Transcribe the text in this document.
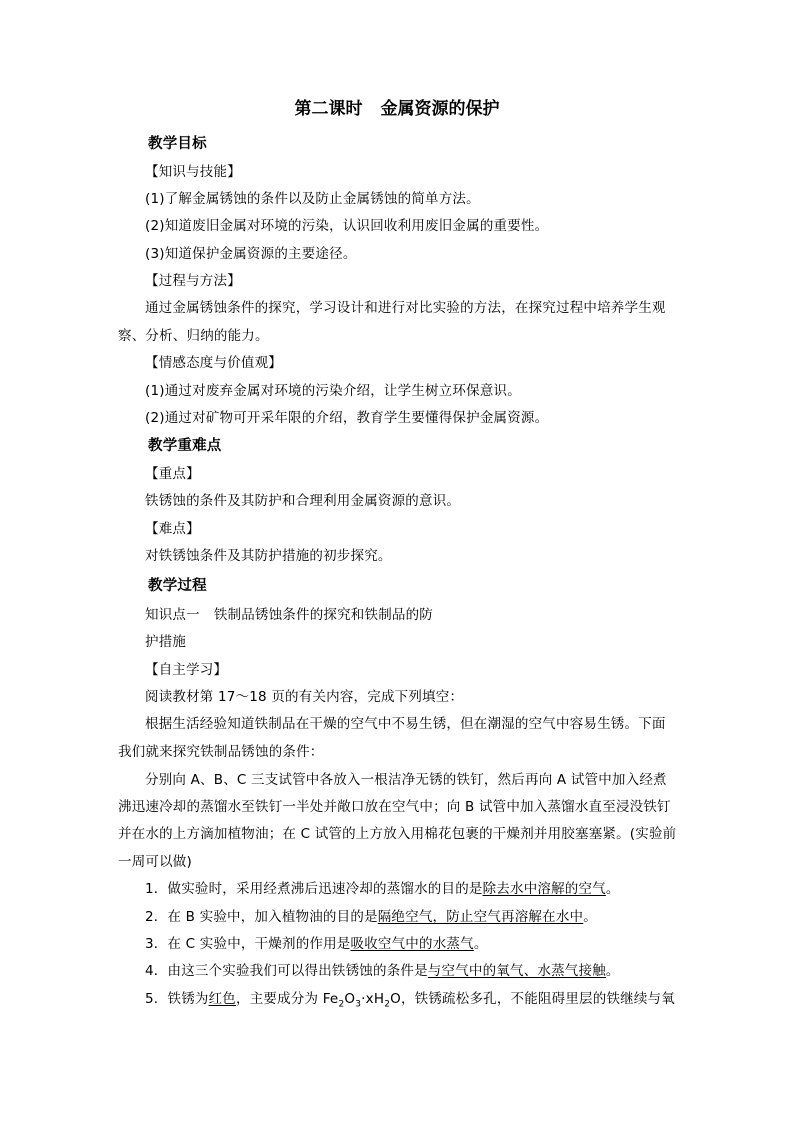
第二课时 金属资源的保护
教学目标
【知识与技能】
(1)了解金属锈蚀的条件以及防止金属锈蚀的简单方法。
(2)知道废旧金属对环境的污染，认识回收利用废旧金属的重要性。
(3)知道保护金属资源的主要途径。
【过程与方法】
通过金属锈蚀条件的探究，学习设计和进行对比实验的方法，在探究过程中培养学生观
察、分析、归纳的能力。
【情感态度与价值观】
(1)通过对废弃金属对环境的污染介绍，让学生树立环保意识。
(2)通过对矿物可开采年限的介绍，教育学生要懂得保护金属资源。
教学重难点
【重点】
铁锈蚀的条件及其防护和合理利用金属资源的意识。
【难点】
对铁锈蚀条件及其防护措施的初步探究。
教学过程
知识点一 铁制品锈蚀条件的探究和铁制品的防
护措施
【自主学习】
阅读教材第 17～18 页的有关内容，完成下列填空：
根据生活经验知道铁制品在干燥的空气中不易生锈，但在潮湿的空气中容易生锈。下面
我们就来探究铁制品锈蚀的条件：
分别向 A、B、C 三支试管中各放入一根洁净无锈的铁钉，然后再向 A 试管中加入经煮
沸迅速冷却的蒸馏水至铁钉一半处并敞口放在空气中；向 B 试管中加入蒸馏水直至浸没铁钉
并在水的上方滴加植物油；在 C 试管的上方放入用棉花包裹的干燥剂并用胶塞塞紧。(实验前
一周可以做)
1．做实验时，采用经煮沸后迅速冷却的蒸馏水的目的是除去水中溶解的空气。
2．在 B 实验中，加入植物油的目的是隔绝空气，防止空气再溶解在水中。
3．在 C 实验中，干燥剂的作用是吸收空气中的水蒸气。
4．由这三个实验我们可以得出铁锈蚀的条件是与空气中的氧气、水蒸气接触。
5．铁锈为红色，主要成分为 $Fe_2O_3\cdot xH_2O$，铁锈疏松多孔，不能阻碍里层的铁继续与氧
